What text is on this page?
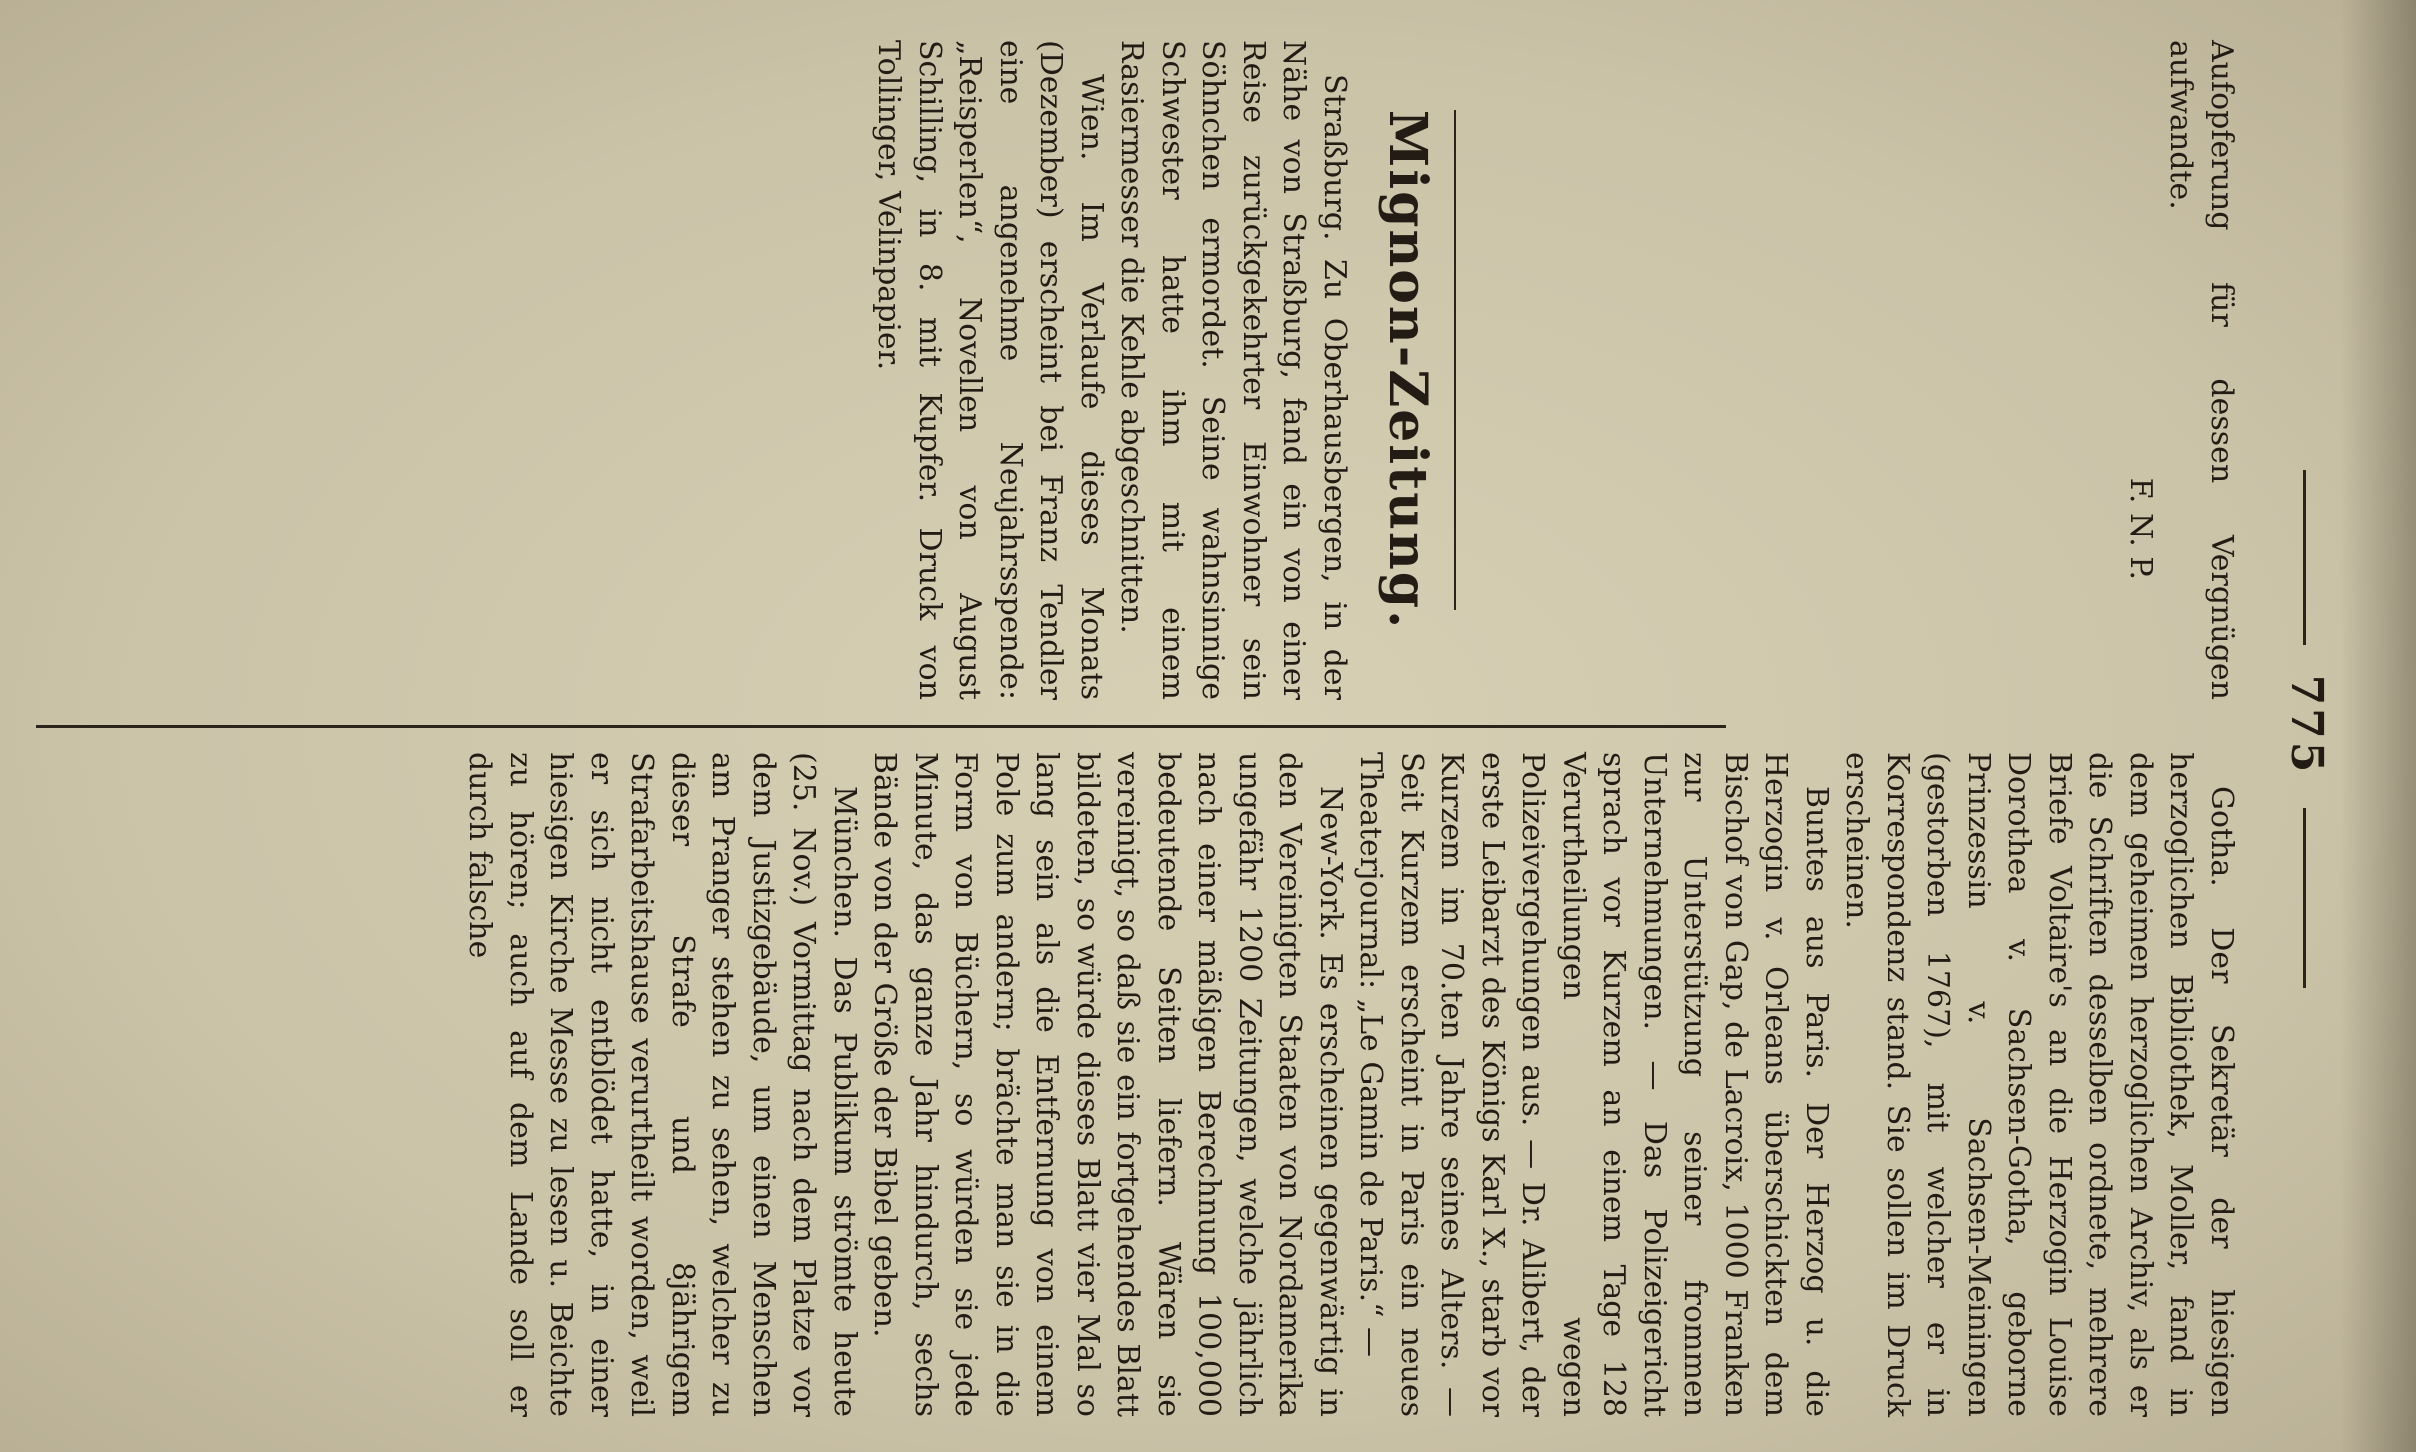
775

Aufopferung für dessen Vergnügen aufwandte.

F. N. P.

Mignon-Zeitung.

Straßburg. Zu Oberhausbergen, in der Nähe von Straßburg, fand ein von einer Reise zurückgekehrter Einwohner sein Söhnchen ermordet. Seine wahnsinnige Schwester hatte ihm mit einem Rasiermesser die Kehle abgeschnitten.

Wien. Im Verlaufe dieses Monats (Dezember) erscheint bei Franz Tendler eine angenehme Neujahrsspende: „Reisperlen“, Novellen von August Schilling, in 8. mit Kupfer. Druck von Tollinger, Velinpapier.

Gotha. Der Sekretär der hiesigen herzoglichen Bibliothek, Moller, fand in dem geheimen herzoglichen Archiv, als er die Schriften desselben ordnete, mehrere Briefe Voltaire's an die Herzogin Louise Dorothea v. Sachsen-Gotha, geborne Prinzessin v. Sachsen-Meiningen (gestorben 1767), mit welcher er in Korrespondenz stand. Sie sollen im Druck erscheinen.

Buntes aus Paris. Der Herzog u. die Herzogin v. Orleans überschickten dem Bischof von Gap, de Lacroix, 1000 Franken zur Unterstützung seiner frommen Unternehmungen. — Das Polizeigericht sprach vor Kurzem an einem Tage 128 Verurtheilungen wegen Polizeivergehungen aus. — Dr. Alibert, der erste Leibarzt des Königs Karl X., starb vor Kurzem im 70.ten Jahre seines Alters. — Seit Kurzem erscheint in Paris ein neues Theaterjournal: „Le Gamin de Paris.“ —

New-York. Es erscheinen gegenwärtig in den Vereinigten Staaten von Nordamerika ungefähr 1200 Zeitungen, welche jährlich nach einer mäßigen Berechnung 100,000 bedeutende Seiten liefern. Wären sie vereinigt, so daß sie ein fortgehendes Blatt bildeten, so würde dieses Blatt vier Mal so lang sein als die Entfernung von einem Pole zum andern; brächte man sie in die Form von Büchern, so würden sie jede Minute, das ganze Jahr hindurch, sechs Bände von der Größe der Bibel geben.

München. Das Publikum strömte heute (25. Nov.) Vormittag nach dem Platze vor dem Justizgebäude, um einen Menschen am Pranger stehen zu sehen, welcher zu dieser Strafe und 8jährigem Strafarbeitshause verurtheilt worden, weil er sich nicht entblödet hatte, in einer hiesigen Kirche Messe zu lesen u. Beichte zu hören; auch auf dem Lande soll er durch falsche
